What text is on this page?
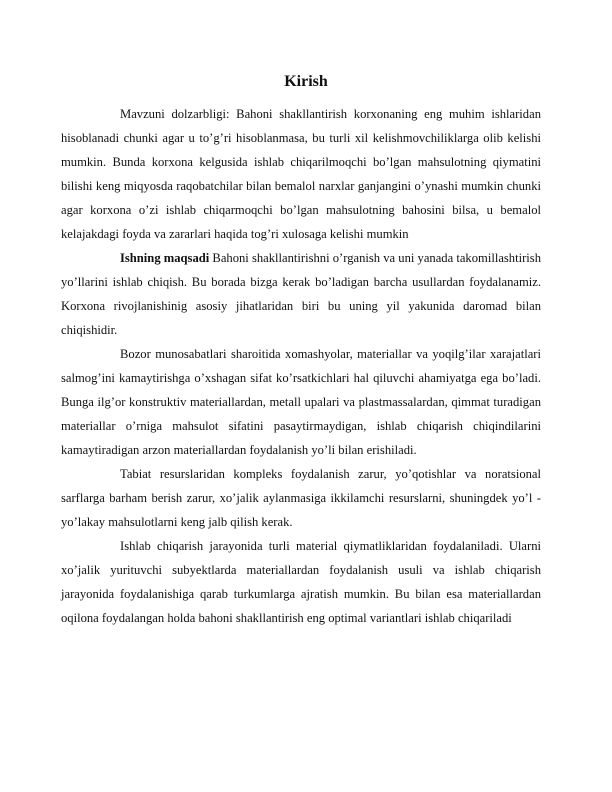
Kirish

Mavzuni dolzarbligi: Bahoni shakllantirish korxonaning eng muhim ishlaridan hisoblanadi chunki agar u to’g’ri hisoblanmasa, bu turli xil kelishmovchiliklarga olib kelishi mumkin. Bunda korxona kelgusida ishlab chiqarilmoqchi bo’lgan mahsulotning qiymatini bilishi keng miqyosda raqobatchilar bilan bemalol narxlar ganjangini o’ynashi mumkin chunki agar korxona o’zi ishlab chiqarmoqchi bo’lgan mahsulotning bahosini bilsa, u bemalol kelajakdagi foyda va zararlari haqida tog’ri xulosaga kelishi mumkin

Ishning maqsadi Bahoni shakllantirishni o’rganish va uni yanada takomillashtirish yo’llarini ishlab chiqish. Bu borada bizga kerak bo’ladigan barcha usullardan foydalanamiz. Korxona rivojlanishinig asosiy jihatlaridan biri bu uning yil yakunida daromad bilan chiqishidir.

Bozor munosabatlari sharoitida xomashyolar, materiallar va yoqilg’ilar xarajatlari salmog’ini kamaytirishga o’xshagan sifat ko’rsatkichlari hal qiluvchi ahamiyatga ega bo’ladi. Bunga ilg’or konstruktiv materiallardan, metall upalari va plastmassalardan, qimmat turadigan materiallar o’rniga mahsulot sifatini pasaytirmaydigan, ishlab chiqarish chiqindilarini kamaytiradigan arzon materiallardan foydalanish yo’li bilan erishiladi.

Tabiat resurslaridan kompleks foydalanish zarur, yo’qotishlar va noratsional sarflarga barham berish zarur, xo’jalik aylanmasiga ikkilamchi resurslarni, shuningdek yo’l - yo’lakay mahsulotlarni keng jalb qilish kerak.

Ishlab chiqarish jarayonida turli material qiymatliklaridan foydalaniladi. Ularni xo’jalik yurituvchi subyektlarda materiallardan foydalanish usuli va ishlab chiqarish jarayonida foydalanishiga qarab turkumlarga ajratish mumkin. Bu bilan esa materiallardan oqilona foydalangan holda bahoni shakllantirish eng optimal variantlari ishlab chiqariladi
